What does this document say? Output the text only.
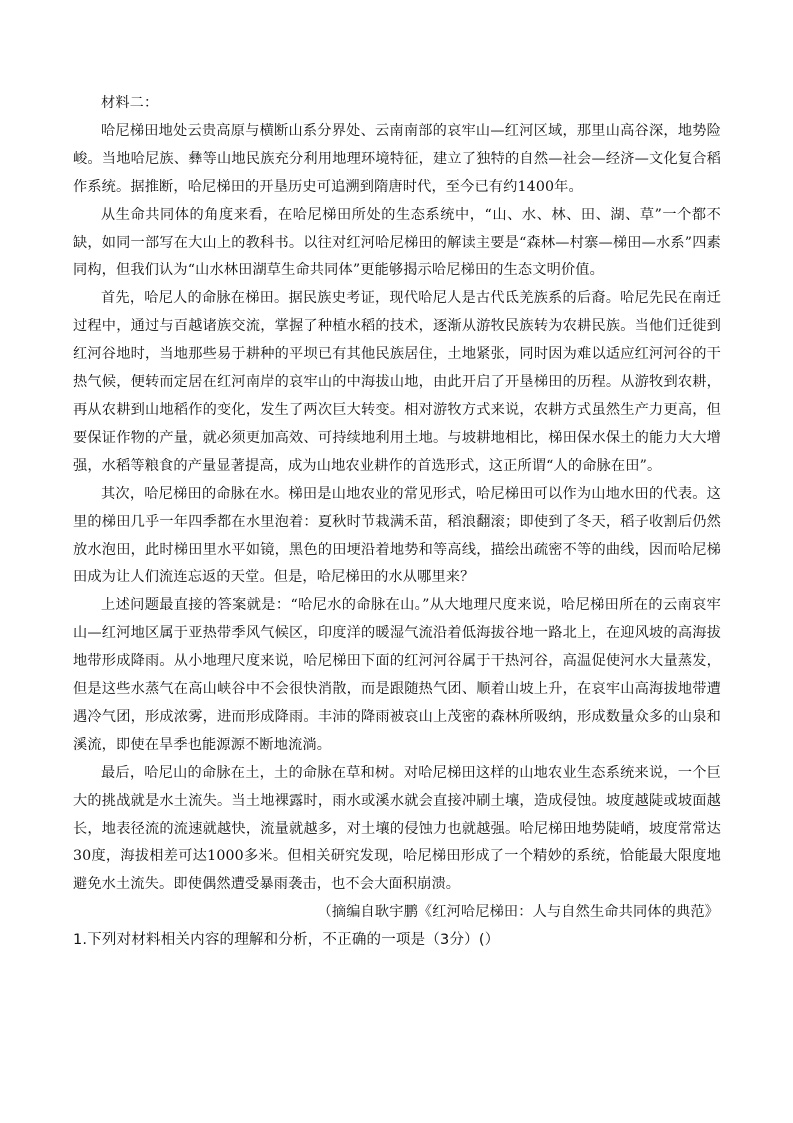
材料二：

哈尼梯田地处云贵高原与横断山系分界处、云南南部的哀牢山—红河区域，那里山高谷深，地势险峻。当地哈尼族、彝等山地民族充分利用地理环境特征，建立了独特的自然—社会—经济—文化复合稻作系统。据推断，哈尼梯田的开垦历史可追溯到隋唐时代，至今已有约1400年。

从生命共同体的角度来看，在哈尼梯田所处的生态系统中，“山、水、林、田、湖、草”一个都不缺，如同一部写在大山上的教科书。以往对红河哈尼梯田的解读主要是“森林—村寨—梯田—水系”四素同构，但我们认为“山水林田湖草生命共同体”更能够揭示哈尼梯田的生态文明价值。

首先，哈尼人的命脉在梯田。据民族史考证，现代哈尼人是古代氐羌族系的后裔。哈尼先民在南迁过程中，通过与百越诸族交流，掌握了种植水稻的技术，逐渐从游牧民族转为农耕民族。当他们迁徙到红河谷地时，当地那些易于耕种的平坝已有其他民族居住，土地紧张，同时因为难以适应红河河谷的干热气候，便转而定居在红河南岸的哀牢山的中海拔山地，由此开启了开垦梯田的历程。从游牧到农耕，再从农耕到山地稻作的变化，发生了两次巨大转变。相对游牧方式来说，农耕方式虽然生产力更高，但要保证作物的产量，就必须更加高效、可持续地利用土地。与坡耕地相比，梯田保水保土的能力大大增强，水稻等粮食的产量显著提高，成为山地农业耕作的首选形式，这正所谓“人的命脉在田”。

其次，哈尼梯田的命脉在水。梯田是山地农业的常见形式，哈尼梯田可以作为山地水田的代表。这里的梯田几乎一年四季都在水里泡着：夏秋时节栽满禾苗，稻浪翻滚；即使到了冬天，稻子收割后仍然放水泡田，此时梯田里水平如镜，黑色的田埂沿着地势和等高线，描绘出疏密不等的曲线，因而哈尼梯田成为让人们流连忘返的天堂。但是，哈尼梯田的水从哪里来？

上述问题最直接的答案就是：“哈尼水的命脉在山。”从大地理尺度来说，哈尼梯田所在的云南哀牢山—红河地区属于亚热带季风气候区，印度洋的暖湿气流沿着低海拔谷地一路北上，在迎风坡的高海拔地带形成降雨。从小地理尺度来说，哈尼梯田下面的红河河谷属于干热河谷，高温促使河水大量蒸发，但是这些水蒸气在高山峡谷中不会很快消散，而是跟随热气团、顺着山坡上升，在哀牢山高海拔地带遭遇冷气团，形成浓雾，进而形成降雨。丰沛的降雨被哀山上茂密的森林所吸纳，形成数量众多的山泉和溪流，即使在旱季也能源源不断地流淌。

最后，哈尼山的命脉在土，土的命脉在草和树。对哈尼梯田这样的山地农业生态系统来说，一个巨大的挑战就是水土流失。当土地裸露时，雨水或溪水就会直接冲刷土壤，造成侵蚀。坡度越陡或坡面越长，地表径流的流速就越快，流量就越多，对土壤的侵蚀力也就越强。哈尼梯田地势陡峭，坡度常常达30度，海拔相差可达1000多米。但相关研究发现，哈尼梯田形成了一个精妙的系统，恰能最大限度地避免水土流失。即使偶然遭受暴雨袭击，也不会大面积崩溃。

（摘编自耿宇鹏《红河哈尼梯田：人与自然生命共同体的典范》

1.下列对材料相关内容的理解和分析，不正确的一项是（3分）(）
